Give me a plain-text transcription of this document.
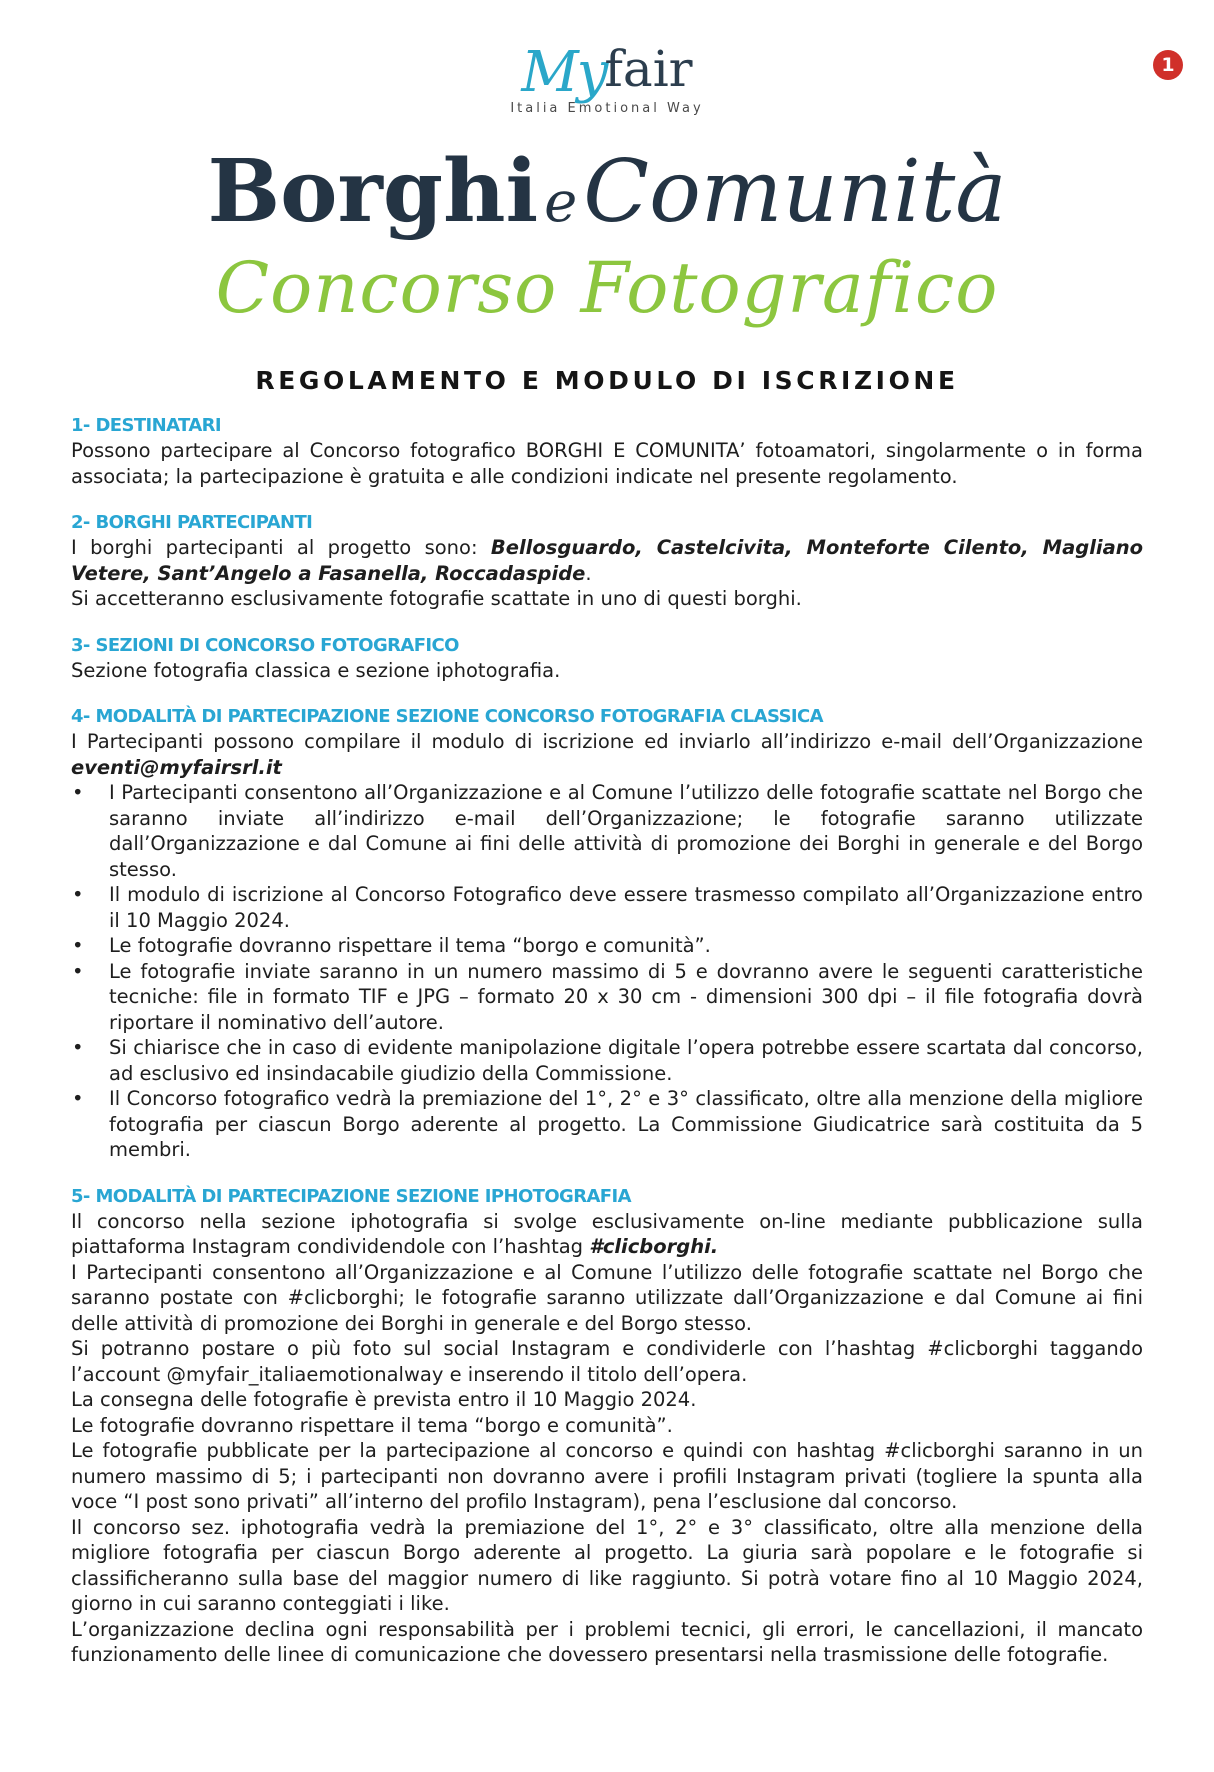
Myfair
Italia Emotional Way
1
Borghi eComunità
Concorso Fotografico
REGOLAMENTO E MODULO DI ISCRIZIONE
1- DESTINATARI

Possono partecipare al Concorso fotografico BORGHI E COMUNITA’ fotoamatori, singolarmente o in forma associata; la partecipazione è gratuita e alle condizioni indicate nel presente regolamento.

2- BORGHI PARTECIPANTI

I borghi partecipanti al progetto sono: Bellosguardo, Castelcivita, Monteforte Cilento, Magliano Vetere, Sant’Angelo a Fasanella, Roccadaspide.

Si accetteranno esclusivamente fotografie scattate in uno di questi borghi.

3- SEZIONI DI CONCORSO FOTOGRAFICO

Sezione fotografia classica e sezione iphotografia.

4- MODALITÀ DI PARTECIPAZIONE SEZIONE CONCORSO FOTOGRAFIA CLASSICA

I Partecipanti possono compilare il modulo di iscrizione ed inviarlo all’indirizzo e-mail dell’Organizzazione eventi@myfairsrl.it

• I Partecipanti consentono all’Organizzazione e al Comune l’utilizzo delle fotografie scattate nel Borgo che saranno inviate all’indirizzo e-mail dell’Organizzazione; le fotografie saranno utilizzate dall’Organizzazione e dal Comune ai fini delle attività di promozione dei Borghi in generale e del Borgo stesso.
• Il modulo di iscrizione al Concorso Fotografico deve essere trasmesso compilato all’Organizzazione entro il 10 Maggio 2024.
• Le fotografie dovranno rispettare il tema “borgo e comunità”.
• Le fotografie inviate saranno in un numero massimo di 5 e dovranno avere le seguenti caratteristiche tecniche: file in formato TIF e JPG – formato 20 x 30 cm - dimensioni 300 dpi – il file fotografia dovrà riportare il nominativo dell’autore.
• Si chiarisce che in caso di evidente manipolazione digitale l’opera potrebbe essere scartata dal concorso, ad esclusivo ed insindacabile giudizio della Commissione.
• Il Concorso fotografico vedrà la premiazione del 1°, 2° e 3° classificato, oltre alla menzione della migliore fotografia per ciascun Borgo aderente al progetto. La Commissione Giudicatrice sarà costituita da 5 membri.
5- MODALITÀ DI PARTECIPAZIONE SEZIONE IPHOTOGRAFIA

Il concorso nella sezione iphotografia si svolge esclusivamente on-line mediante pubblicazione sulla piattaforma Instagram condividendole con l’hashtag #clicborghi.

I Partecipanti consentono all’Organizzazione e al Comune l’utilizzo delle fotografie scattate nel Borgo che saranno postate con #clicborghi; le fotografie saranno utilizzate dall’Organizzazione e dal Comune ai fini delle attività di promozione dei Borghi in generale e del Borgo stesso.

Si potranno postare o più foto sul social Instagram e condividerle con l’hashtag #clicborghi taggando l’account @myfair_italiaemotionalway e inserendo il titolo dell’opera.

La consegna delle fotografie è prevista entro il 10 Maggio 2024.

Le fotografie dovranno rispettare il tema “borgo e comunità”.

Le fotografie pubblicate per la partecipazione al concorso e quindi con hashtag #clicborghi saranno in un numero massimo di 5; i partecipanti non dovranno avere i profili Instagram privati (togliere la spunta alla voce “I post sono privati” all’interno del profilo Instagram), pena l’esclusione dal concorso.

Il concorso sez. iphotografia vedrà la premiazione del 1°, 2° e 3° classificato, oltre alla menzione della migliore fotografia per ciascun Borgo aderente al progetto. La giuria sarà popolare e le fotografie si classificheranno sulla base del maggior numero di like raggiunto. Si potrà votare fino al 10 Maggio 2024, giorno in cui saranno conteggiati i like.

L’organizzazione declina ogni responsabilità per i problemi tecnici, gli errori, le cancellazioni, il mancato funzionamento delle linee di comunicazione che dovessero presentarsi nella trasmissione delle fotografie.
